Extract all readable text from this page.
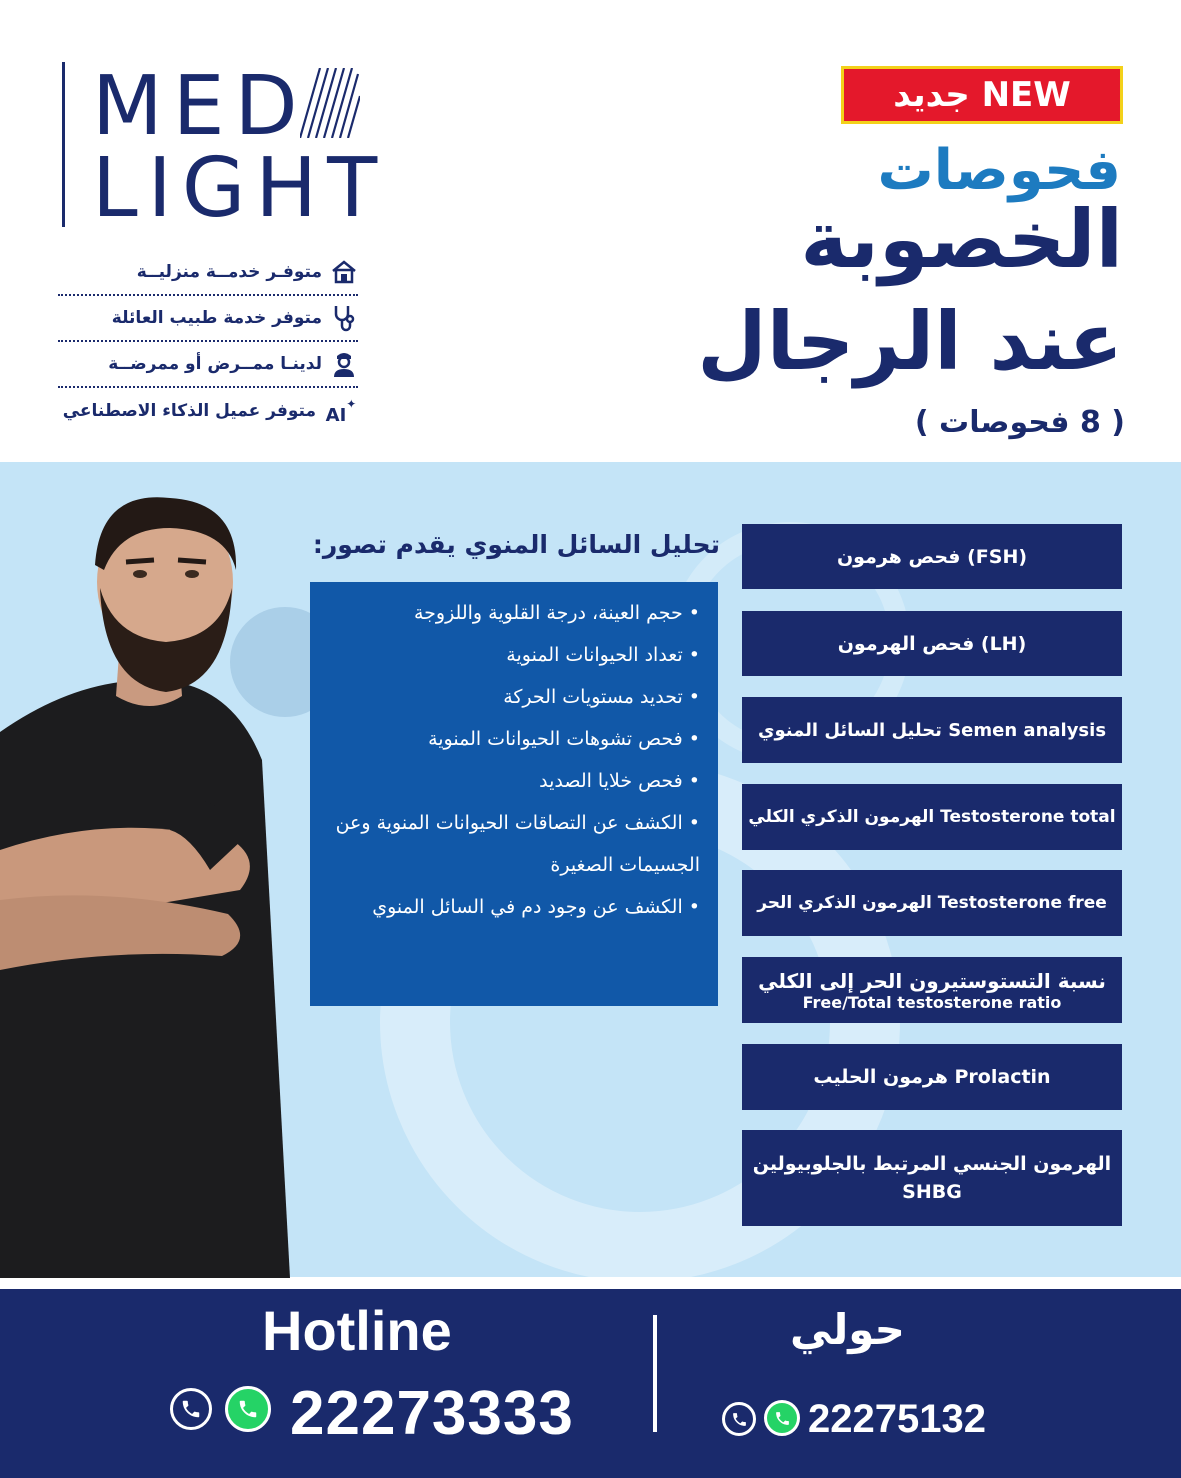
MED
LIGHT
متوفـر خدمــة منزليــة
متوفر خدمة طبيب العائلة
لدينـا ممــرض أو ممرضــة
متوفر عميل الذكاء الاصطناعي AI
✦
جديد NEW
فحوصات
الخصوبة
عند الرجال
( 8 فحوصات )
تحليل السائل المنوي يقدم تصور:
• حجم العينة، درجة القلوية واللزوجة
• تعداد الحيوانات المنوية
• تحديد مستويات الحركة
• فحص تشوهات الحيوانات المنوية
• فحص خلايا الصديد
• الكشف عن التصاقات الحيوانات المنوية وعن الجسيمات الصغيرة
• الكشف عن وجود دم في السائل المنوي
فحص هرمون (FSH)
فحص الهرمون (LH)
تحليل السائل المنوي Semen analysis
الهرمون الذكري الكلي Testosterone total
الهرمون الذكري الحر Testosterone free
نسبة التستوستيرون الحر إلى الكلي
Free/Total testosterone ratio
هرمون الحليب Prolactin
الهرمون الجنسي المرتبط بالجلوبيولين
SHBG
Hotline
22273333
حولي
22275132
